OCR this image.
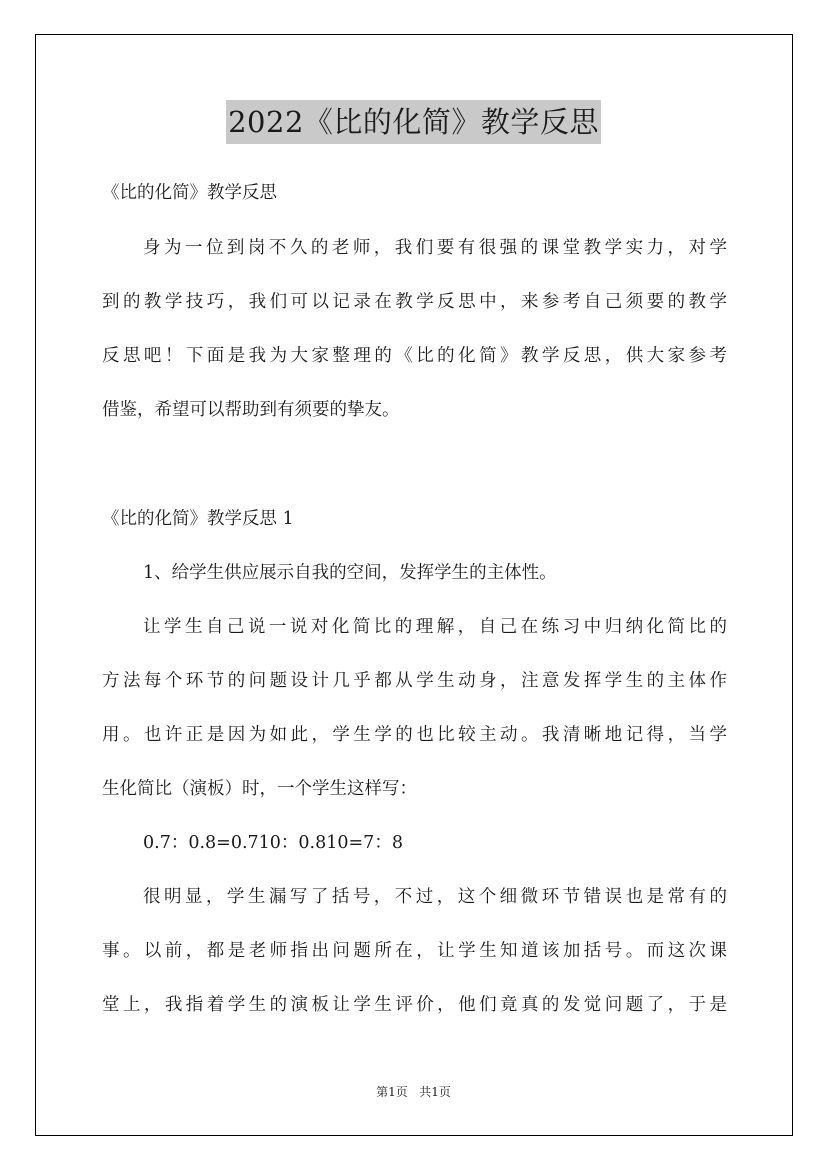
2022《比的化简》教学反思
《比的化简》教学反思
身为一位到岗不久的老师，我们要有很强的课堂教学实力，对学
到的教学技巧，我们可以记录在教学反思中，来参考自己须要的教学
反思吧！下面是我为大家整理的《比的化简》教学反思，供大家参考
借鉴，希望可以帮助到有须要的挚友。
《比的化简》教学反思 1
1、给学生供应展示自我的空间，发挥学生的主体性。
让学生自己说一说对化简比的理解，自己在练习中归纳化简比的
方法每个环节的问题设计几乎都从学生动身，注意发挥学生的主体作
用。也许正是因为如此，学生学的也比较主动。我清晰地记得，当学
生化简比（演板）时，一个学生这样写：
0.7：0.8=0.710：0.810=7：8
很明显，学生漏写了括号，不过，这个细微环节错误也是常有的
事。以前，都是老师指出问题所在，让学生知道该加括号。而这次课
堂上，我指着学生的演板让学生评价，他们竟真的发觉问题了，于是
第1页   共1页
